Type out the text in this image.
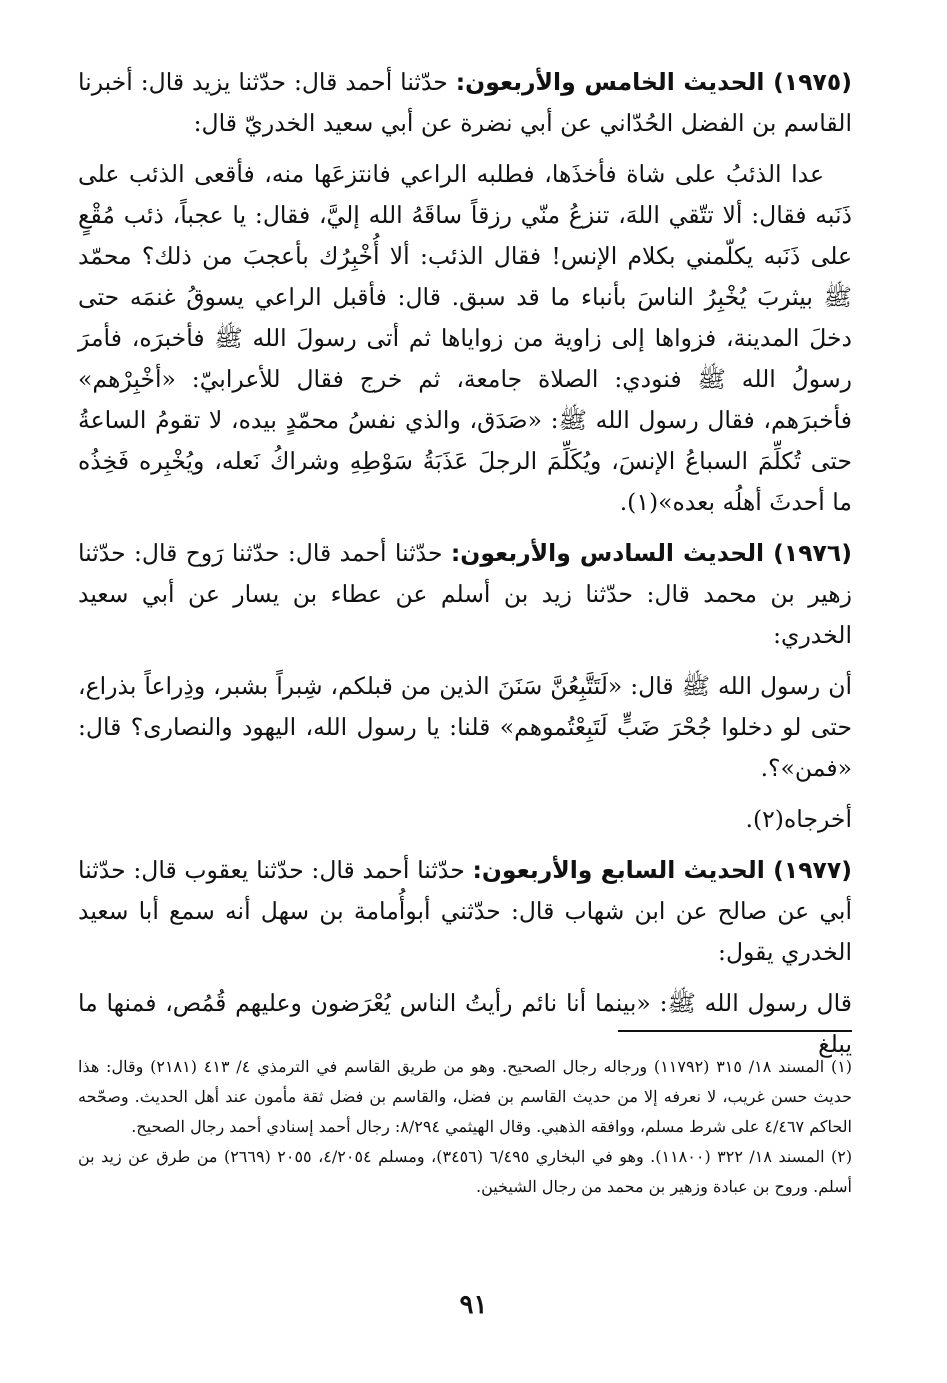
(١٩٧٥) الحديث الخامس والأربعون: حدّثنا أحمد قال: حدّثنا يزيد قال: أخبرنا القاسم بن الفضل الحُدّاني عن أبي نضرة عن أبي سعيد الخدريّ قال:

عدا الذئبُ على شاة فأخذَها، فطلبه الراعي فانتزعَها منه، فأقعى الذئب على ذَنَبه فقال: ألا تتّقي اللهَ، تنزعُ منّي رزقاً ساقَهُ الله إليَّ، فقال: يا عجباً، ذئب مُقْعٍ على ذَنَبه يكلّمني بكلام الإنس! فقال الذئب: ألا أُخْبِرُك بأعجبَ من ذلك؟ محمّد ﷺ بيثربَ يُخْبِرُ الناسَ بأنباء ما قد سبق. قال: فأقبل الراعي يسوقُ غنمَه حتى دخلَ المدينة، فزواها إلى زاوية من زواياها ثم أتى رسولَ الله ﷺ فأخبرَه، فأمرَ رسولُ الله ﷺ فنودي: الصلاة جامعة، ثم خرج فقال للأعرابيّ: «أخْبِرْهم» فأخبرَهم، فقال رسول الله ﷺ: «صَدَق، والذي نفسُ محمّدٍ بيده، لا تقومُ الساعةُ حتى تُكلِّمَ السباعُ الإنسَ، ويُكَلِّمَ الرجلَ عَذَبَةُ سَوْطِهِ وشراكُ نَعله، ويُخْبِره فَخِذُه ما أحدثَ أهلُه بعده»(١).

(١٩٧٦) الحديث السادس والأربعون: حدّثنا أحمد قال: حدّثنا رَوح قال: حدّثنا زهير بن محمد قال: حدّثنا زيد بن أسلم عن عطاء بن يسار عن أبي سعيد الخدري:

أن رسول الله ﷺ قال: «لَتَتَّبِعُنَّ سَنَنَ الذين من قبلكم، شِبراً بشبر، وذِراعاً بذراع، حتى لو دخلوا جُحْرَ ضَبٍّ لَتَبِعْتُموهم» قلنا: يا رسول الله، اليهود والنصارى؟ قال: «فمن»؟.

أخرجاه(٢).

(١٩٧٧) الحديث السابع والأربعون: حدّثنا أحمد قال: حدّثنا يعقوب قال: حدّثنا أبي عن صالح عن ابن شهاب قال: حدّثني أبوأُمامة بن سهل أنه سمع أبا سعيد الخدري يقول:

قال رسول الله ﷺ: «بينما أنا نائم رأيتُ الناس يُعْرَضون وعليهم قُمُص، فمنها ما يبلغ

(١) المسند ١٨/ ٣١٥ (١١٧٩٢) ورجاله رجال الصحيح. وهو من طريق القاسم في الترمذي ٤/ ٤١٣ (٢١٨١) وقال: هذا حديث حسن غريب، لا نعرفه إلا من حديث القاسم بن فضل، والقاسم بن فضل ثقة مأمون عند أهل الحديث. وصحّحه الحاكم ٤/٤٦٧ على شرط مسلم، ووافقه الذهبي. وقال الهيثمي ٨/٢٩٤: رجال أحمد إسنادي أحمد رجال الصحيح.

(٢) المسند ١٨/ ٣٢٢ (١١٨٠٠). وهو في البخاري ٦/٤٩٥ (٣٤٥٦)، ومسلم ٤/٢٠٥٤، ٢٠٥٥ (٢٦٦٩) من طرق عن زيد بن أسلم. وروح بن عبادة وزهير بن محمد من رجال الشيخين.

٩١
